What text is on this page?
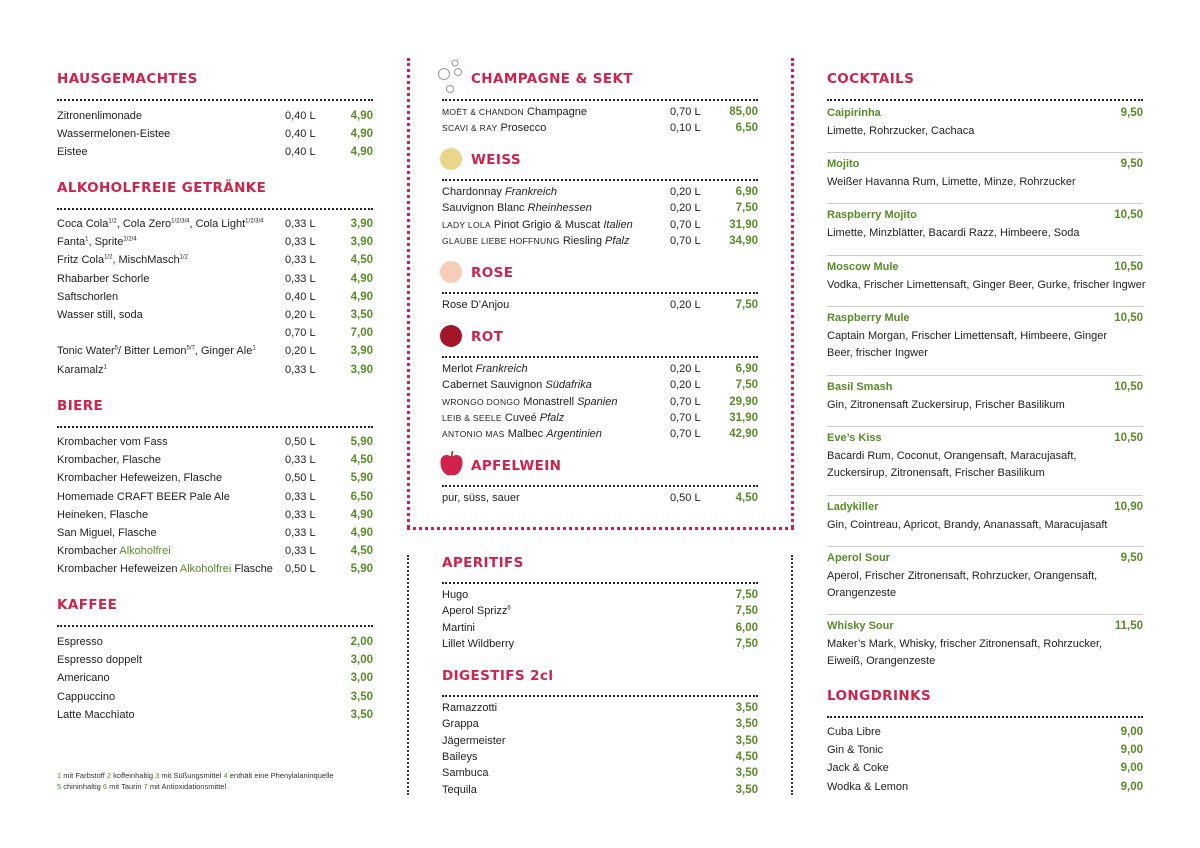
HAUSGEMACHTES
Zitronenlimonade	0,40 L	4,90
Wassermelonen-Eistee	0,40 L	4,90
Eistee	0,40 L	4,90
ALKOHOLFREIE GETRÄNKE
Coca Cola$^{1/2}$, Cola Zero$^{1/2/3/4}$, Cola Light$^{1/2/3/4}$ 0,33 L	3,90
Fanta$^1$, Sprite$^{1/2/4}$	0,33 L	3,90
Fritz Cola$^{1/2}$, MischMasch$^{1/2}$	0,33 L	4,50
Rhabarber Schorle	0,33 L	4,90
Saftschorlen	0,40 L	4,90
Wasser still, soda	0,20 L	3,50
0,70 L	7,00
Tonic Water$^5$/ Bitter Lemon$^{5/7}$, Ginger Ale$^1$	0,20 L	3,90
Karamalz$^1$	0,33 L	3,90
BIERE
Krombacher vom Fass	0,50 L	5,90
Krombacher, Flasche	0,33 L	4,50
Krombacher Hefeweizen, Flasche	0,50 L	5,90
Homemade CRAFT BEER Pale Ale	0,33 L	6,50
Heineken, Flasche	0,33 L	4,90
San Miguel, Flasche	0,33 L	4,90
Krombacher Alkoholfrei	0,33 L	4,50
Krombacher Hefeweizen Alkoholfrei Flasche 0,50 L	5,90
KAFFEE
Espresso	2,00
Espresso doppelt	3,00
Americano	3,00
Cappuccino	3,50
Latte Macchiato	3,50
1 mit Farbstoff 2 koffeinhaltig 3 mit Süßungsmittel 4 enthält eine Phenylalaninquelle
5 chininhaltig 6 mit Taurin 7 mit Antioxidationsmittel
CHAMPAGNE & SEKT
MOËT & CHANDON Champagne	0,70 L 85,00
SCAVI & RAY Prosecco	0,10 L	6,50
WEISS
Chardonnay Frankreich	0,20 L	6,90
Sauvignon Blanc Rheinhessen	0,20 L	7,50
LADY LOLA Pinot Grigio & Muscat Italien	0,70 L 31,90
GLAUBE LIEBE HOFFNUNG Riesling Pfalz	0,70 L 34,90
ROSE
Rose D’Anjou	0,20 L	7,50
ROT
Merlot Frankreich	0,20 L	6,90
Cabernet Sauvignon Südafrika	0,20 L	7,50
WRONGO DONGO Monastrell Spanien	0,70 L 29,90
LEIB & SEELE Cuveé Pfalz	0,70 L 31,90
ANTONIO MAS Malbec Argentinien	0,70 L 42,90
APFELWEIN
pur, süss, sauer	0,50 L	4,50
APERITIFS
Hugo	7,50
Aperol Sprizz$^6$	7,50
Martini	6,00
Lillet Wildberry	7,50
DIGESTIFS 2cl
Ramazzotti	3,50
Grappa	3,50
Jägermeister	3,50
Baileys	4,50
Sambuca	3,50
Tequila	3,50
COCKTAILS
Caipirinha	9,50
Limette, Rohrzucker, Cachaca
Mojito	9,50
Weißer Havanna Rum, Limette, Minze, Rohrzucker
Raspberry Mojito	10,50
Limette, Minzblätter, Bacardi Razz, Himbeere, Soda
Moscow Mule	10,50
Vodka, Frischer Limettensaft, Ginger Beer, Gurke, frischer Ingwer
Raspberry Mule	10,50
Captain Morgan, Frischer Limettensaft, Himbeere, Ginger
Beer, frischer Ingwer
Basil Smash	10,50
Gin, Zitronensaft Zuckersirup, Frischer Basilikum
Eve’s Kiss	10,50
Bacardi Rum, Coconut, Orangensaft, Maracujasaft,
Zuckersirup, Zitronensaft, Frischer Basilikum
Ladykiller	10,90
Gin, Cointreau, Apricot, Brandy, Ananassaft, Maracujasaft
Aperol Sour	9,50
Aperol, Frischer Zitronensaft, Rohrzucker, Orangensaft,
Orangenzeste
Whisky Sour	11,50
Maker’s Mark, Whisky, frischer Zitronensaft, Rohrzucker,
Eiweiß, Orangenzeste
LONGDRINKS
Cuba Libre	9,00
Gin & Tonic	9,00
Jack & Coke	9,00
Wodka & Lemon	9,00
